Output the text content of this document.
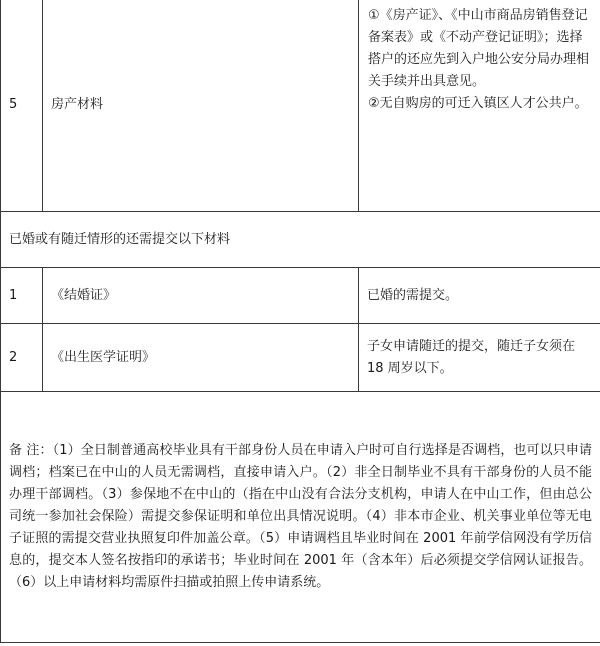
5	房产材料	①《房产证》、《中山市商品房销售登记备案表》或《不动产登记证明》；选择搭户的还应先到入户地公安分局办理相关手续并出具意见。
②无自购房的可迁入镇区人才公共户。

已婚或有随迁情形的还需提交以下材料		
1	《结婚证》	已婚的需提交。
2	《出生医学证明》	子女申请随迁的提交，随迁子女须在 18 周岁以下。
备 注：（1）全日制普通高校毕业具有干部身份人员在申请入户时可自行选择是否调档，也可以只申请调档；档案已在中山的人员无需调档，直接申请入户。（2）非全日制毕业不具有干部身份的人员不能办理干部调档。（3）参保地不在中山的（指在中山没有合法分支机构，申请人在中山工作，但由总公司统一参加社会保险）需提交参保证明和单位出具情况说明。（4）非本市企业、机关事业单位等无电子证照的需提交营业执照复印件加盖公章。（5）申请调档且毕业时间在 2001 年前学信网没有学历信息的，提交本人签名按指印的承诺书；毕业时间在 2001 年（含本年）后必须提交学信网认证报告。（6）以上申请材料均需原件扫描或拍照上传申请系统。		
